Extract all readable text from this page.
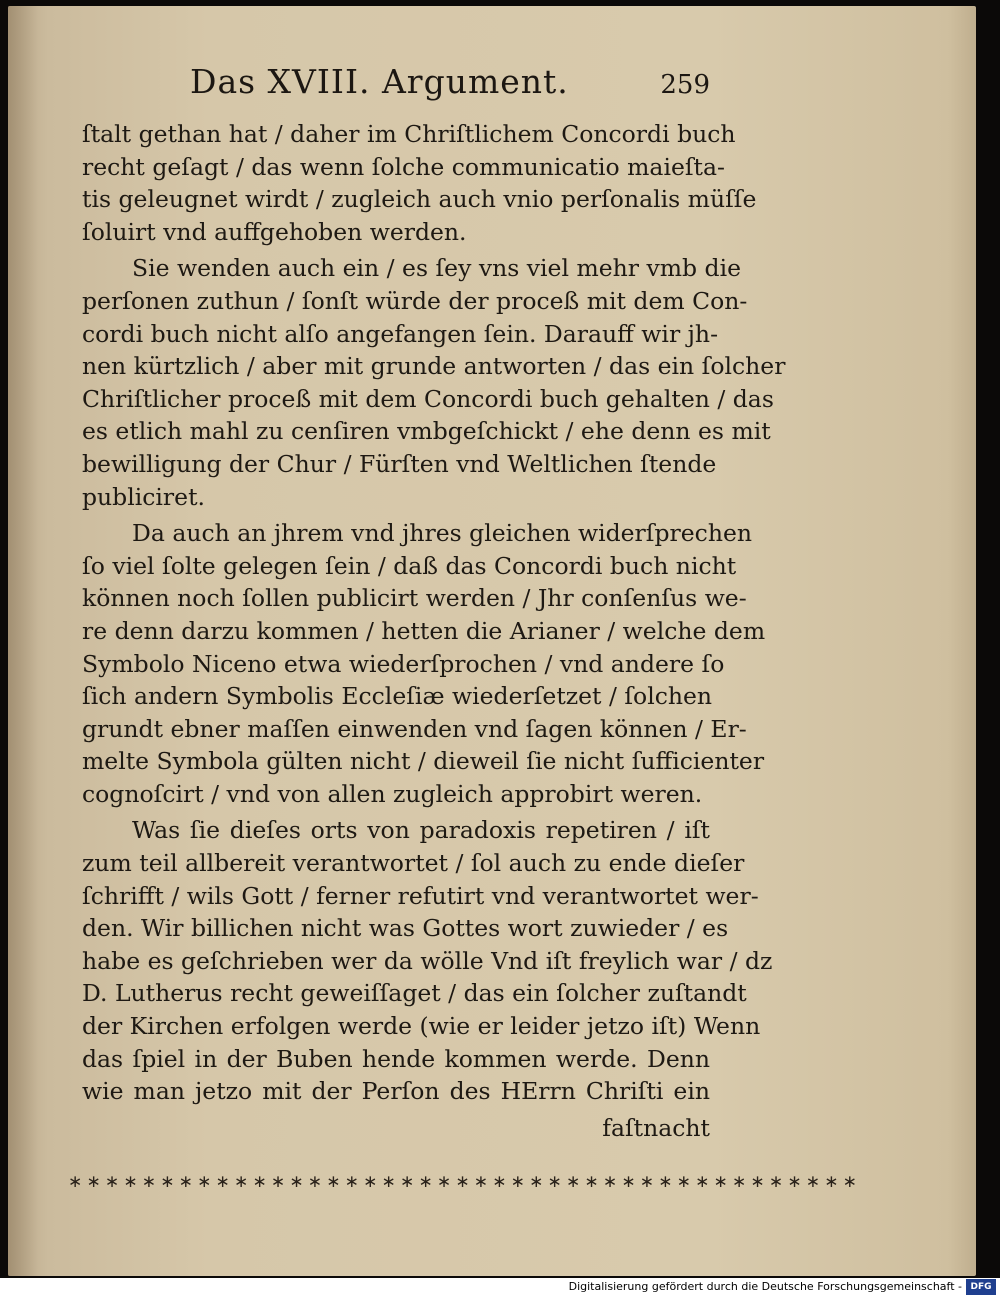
Das XVIII. Argument.	259
ſtalt gethan hat / daher im Chriſtlichem Concordi buch
recht geſagt / das wenn ſolche communicatio maieſta-
tis geleugnet wirdt / zugleich auch vnio perſonalis müſſe
ſoluirt vnd auffgehoben werden.
Sie wenden auch ein / es ſey vns viel mehr vmb die
perſonen zuthun / ſonſt würde der proceß mit dem Con-
cordi buch nicht alſo angefangen ſein. Darauff wir jh-
nen kürtzlich / aber mit grunde antworten / das ein ſolcher
Chriſtlicher proceß mit dem Concordi buch gehalten / das
es etlich mahl zu cenſiren vmbgeſchickt / ehe denn es mit
bewilligung der Chur / Fürſten vnd Weltlichen ſtende
publiciret.
Da auch an jhrem vnd jhres gleichen widerſprechen
ſo viel ſolte gelegen ſein / daß das Concordi buch nicht
können noch ſollen publicirt werden / Jhr conſenſus we-
re denn darzu kommen / hetten die Arianer / welche dem
Symbolo Niceno etwa wiederſprochen / vnd andere ſo
ſich andern Symbolis Eccleſiæ wiederſetzet / ſolchen
grundt ebner maſſen einwenden vnd ſagen können / Er-
melte Symbola gülten nicht / dieweil ſie nicht ſufficienter
cognoſcirt / vnd von allen zugleich approbirt weren.
Was ſie dieſes orts von paradoxis repetiren / iſt
zum teil allbereit verantwortet / ſol auch zu ende dieſer
ſchrifft / wils Gott / ferner refutirt vnd verantwortet wer-
den. Wir billichen nicht was Gottes wort zuwieder / es
habe es geſchrieben wer da wölle Vnd iſt freylich war / dz
D. Lutherus recht geweiſſaget / das ein ſolcher zuſtandt
der Kirchen erfolgen werde (wie er leider jetzo iſt) Wenn
das ſpiel in der Buben hende kommen werde. Denn
wie man jetzo mit der Perſon des HErrn Chriſti ein
faſtnacht
∗∗∗∗∗∗∗∗∗∗∗∗∗∗∗∗∗∗∗∗∗∗∗∗∗∗∗∗∗∗∗∗∗∗∗∗∗∗∗∗∗∗∗
Digitalisierung gefördert durch die Deutsche Forschungsgemeinschaft - DFG
